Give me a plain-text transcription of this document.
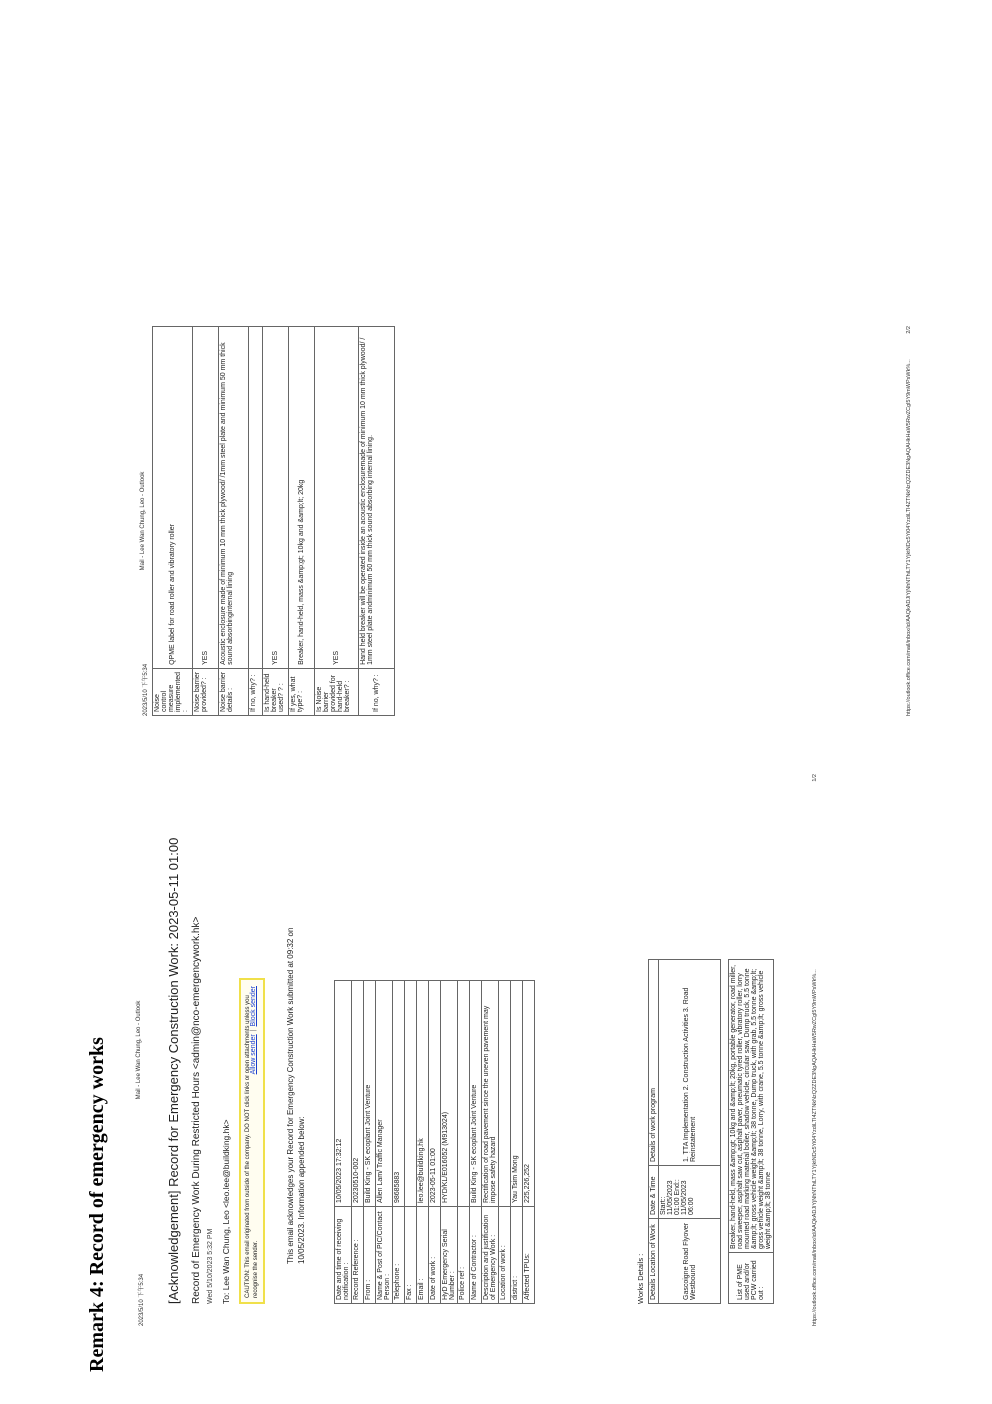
Remark 4: Record of emergency works	2023/5/10 下午5:34
Mail - Lee Wan Chung, Leo - Outlook [Acknowledgement] Record for Emergency Construction Work: 2023-05-11 01:00 Record of Emergency Work During Restricted Hours <admin@nco-emergencywork.hk> Wed 5/10/2023 5:32 PM To: Lee Wan Chung, Leo <leo.lee@buildking.hk>	CAUTION: This email originated from outside of the company. DO NOT click links or open attachments unless you recognise the sender.
Allow sender|Block sender	This email acknowledges your Record for Emergency Construction Work submitted at 09:32 on 10/05/2023. Information appended below:	Date and time of receiving notification :	10/05/2023 17:32:12
Record Reference :	20230510-002
From :	Build King - SK ecoplant Joint Venture
Name & Post of PIC/Contact Person :	Allen Lam/ Traffic Manager
Telephone :	98685883
Fax :	
Email :	leo.lee@buildking.hk
Date of work :	2023-05-11 01:00
HyD Emergency Serial Number :	HYD/KL/E016052 (M913024)
Police ref :	
Name of Contractor :	Build King - SK ecoplant Joint Venture
Description and justification of Emergency Work :	Rectification of road pavement since the uneven pavement may impose safety hazard
Location of work :	
district :	Yau Tsim Mong
Affected TPUs:	225,226,252
Works Details : Details Location of Work	Date & Time	Details of work program
Gascoigne Road Flyover Westbound	Start:: 11/05/2023 01:00 End:: 11/05/2023 06:00	1. TTA Implementation 2. Construction Activities 3. Road Reinstatement
List of PME used and/or PCW carried out :	Breaker, hand-held, mass &amp;gt; 10kg and &amp;lt; 20kg, portable generator, road miller, road sweeper, asphalt saw cut, asphalt paver, pneumatic tyred roller, vibratory roller, lorry mounted road marking material boiler, shadow vehicle, circular saw, Dump truck, 5.5 tonne &amp;lt; gross vehicle weight &amp;lt; 38 tonne, Dump truck, with grab, 5.5 tonne &amp;lt; gross vehicle weight &amp;lt; 38 tonne, Lorry, with crane, 5.5 tonne &amp;lt; gross vehicle weight &amp;lt; 38 tonne	https://outlook.office.com/mail/inbox/id/AAQkADJiYjNhNThiLTY1YjktNDc5Yi04YzdiLTI4ZTNkNzQ2ZDE3NgAQAHkHaW5RwZCgl5Y9mWPsWk%...
1/2
2023/5/10 下午5:34
Mail - Lee Wan Chung, Leo - Outlook
Noise control measure implemented :	QPME label for road roller and vibratory roller
Noise barrier provided? :	YES
Noise barrier details :	Acoustic enclosure made of minimum 10 mm thick plywood/ /1mm steel plate and minimum 50 mm thick sound absorbinginternal lining
If no, why? :	
Is hand-held breaker used? ? :	YES
If yes, what type? :	Breaker, hand-held, mass &amp;gt; 10kg and &amp;lt; 20kg
Is Noise barrier provided for hand-held breaker? :	YES
If no, why? :	Hand held breaker will be operated inside an acoustic enclosuremade of minimum 10 mm thick plywood/ / 1mm steel plate andminimum 50 mm thick sound absorbing internal lining.	https://outlook.office.com/mail/inbox/id/AAQkADJiYjNhNThiLTY1YjktNDc5Yi04YzdiLTI4ZTNkNzQ2ZDE3NgAQAHkHaW5RwZCgl5Y9mWPsWk%...
2/2
